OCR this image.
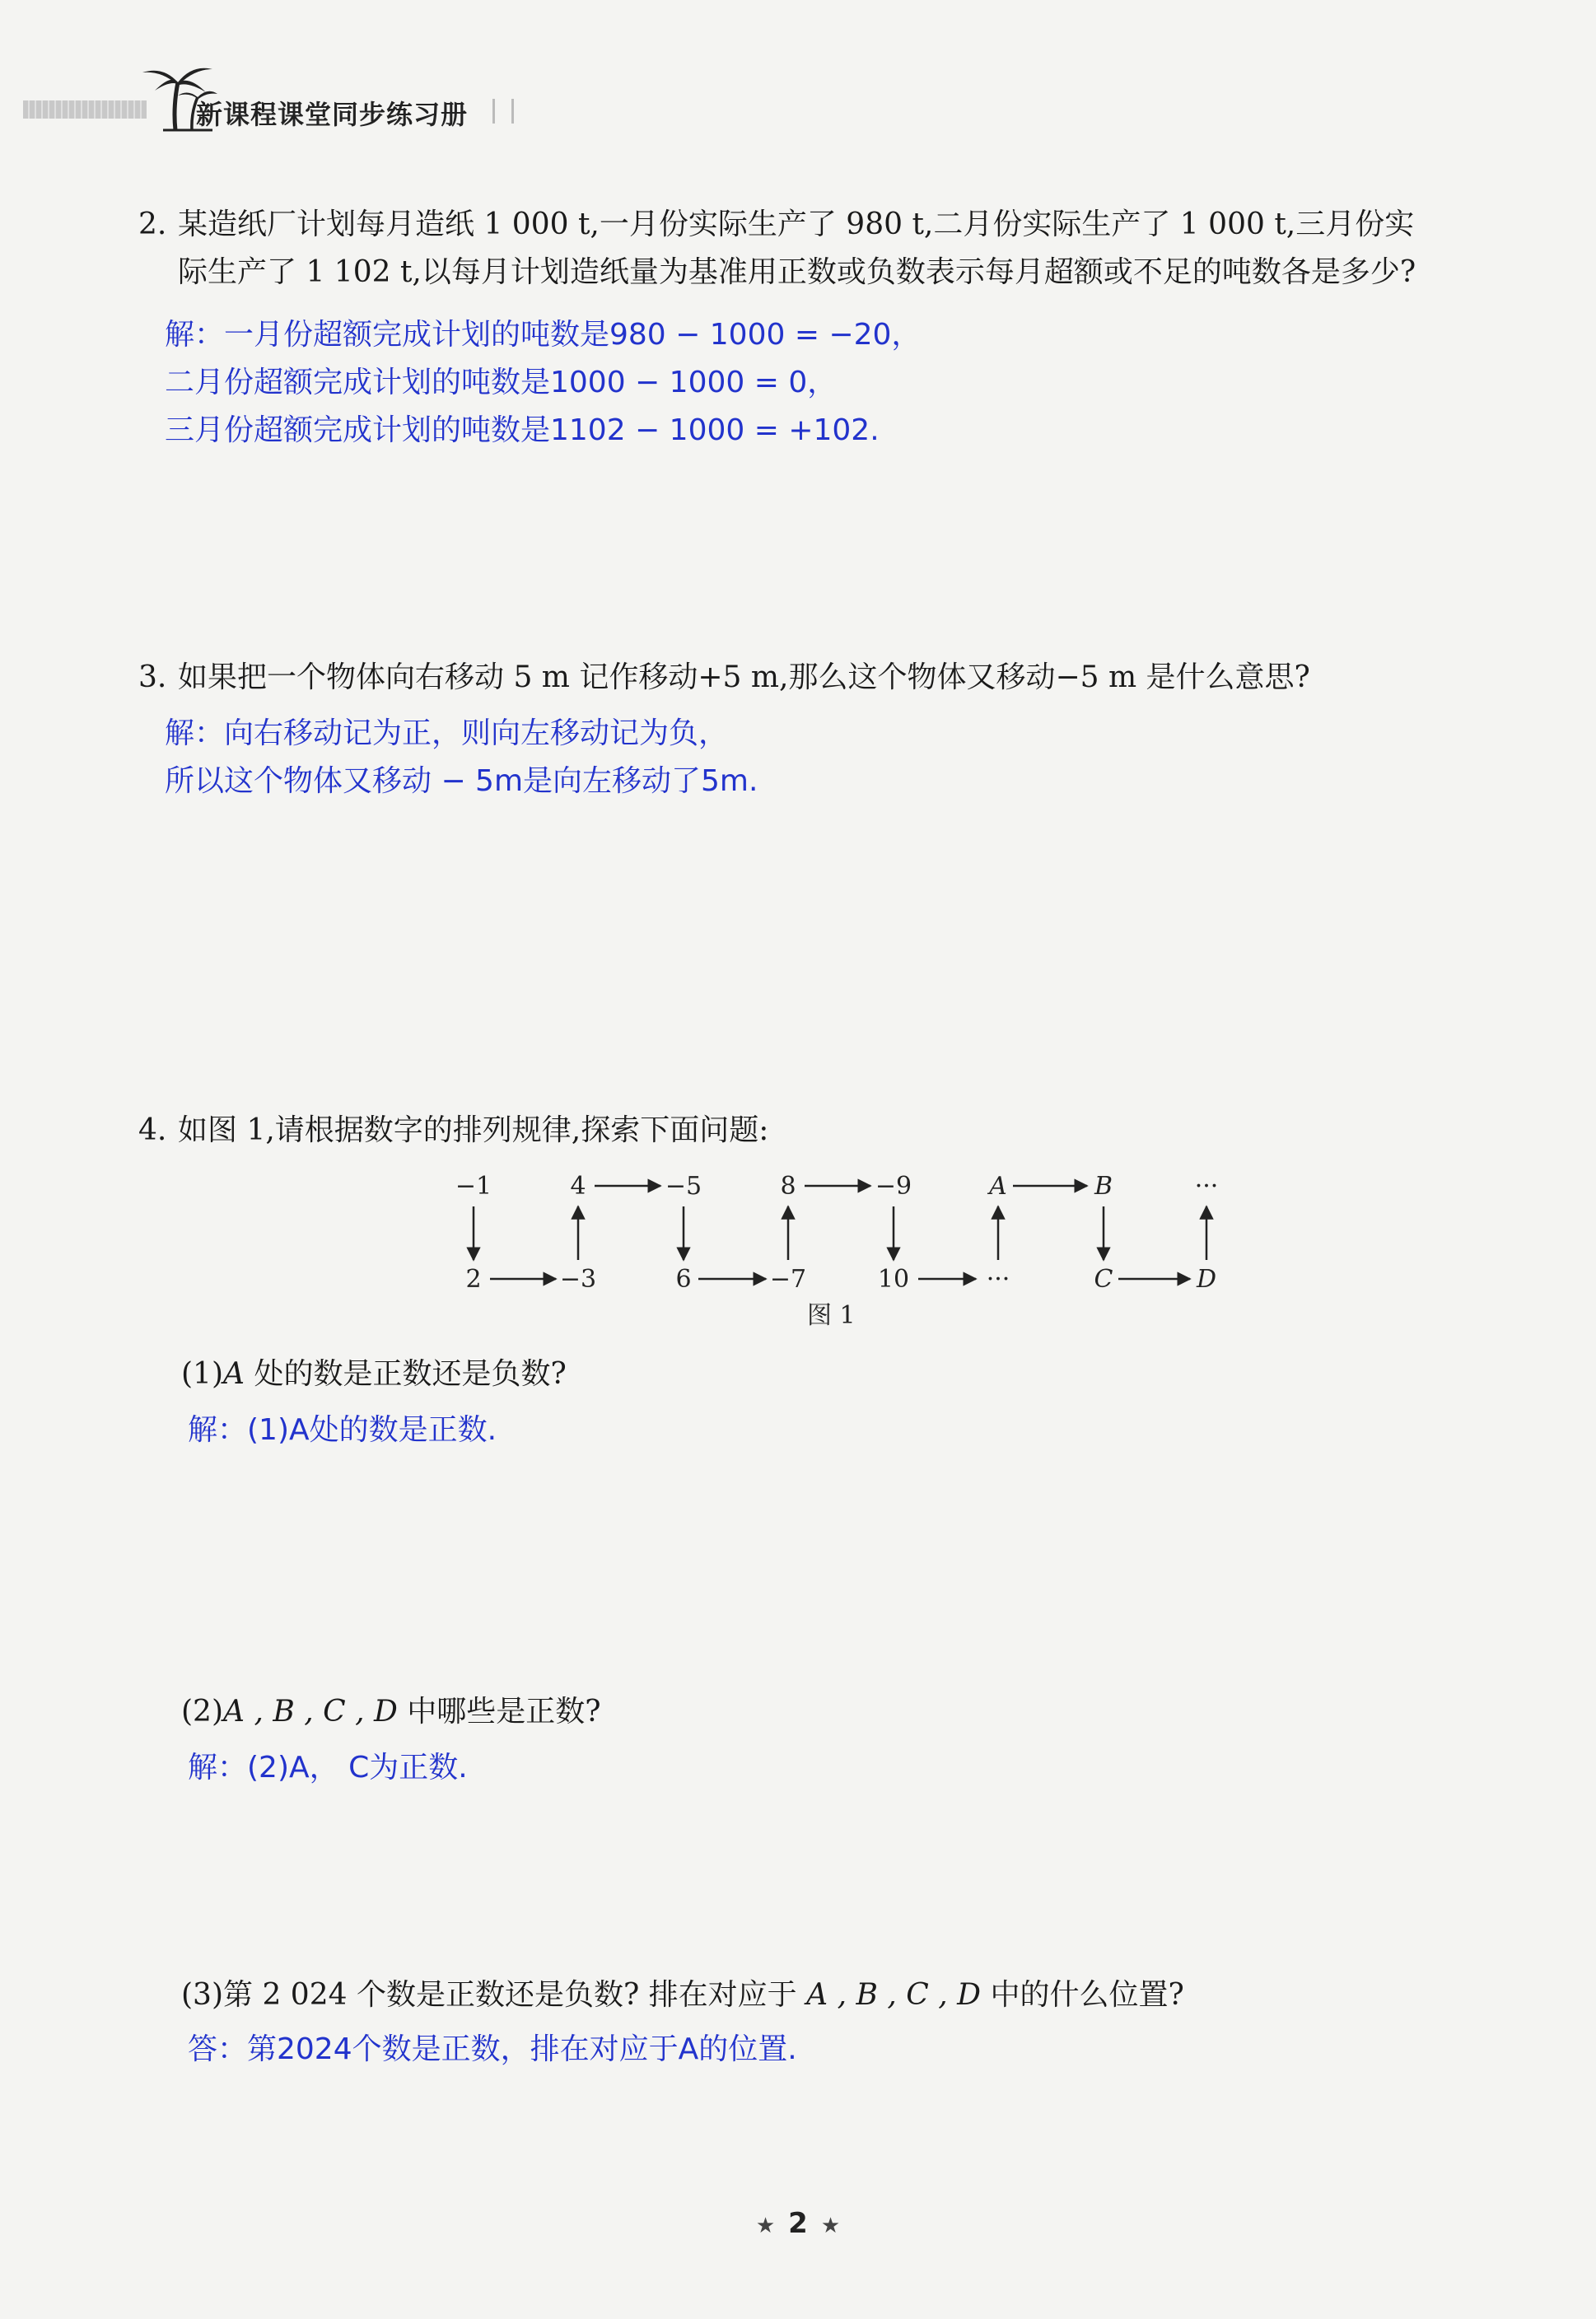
新课程课堂同步练习册
2. 某造纸厂计划每月造纸 1 000 t,一月份实际生产了 980 t,二月份实际生产了 1 000 t,三月份实
际生产了 1 102 t,以每月计划造纸量为基准用正数或负数表示每月超额或不足的吨数各是多少?
解：一月份超额完成计划的吨数是980 − 1000 = −20，
二月份超额完成计划的吨数是1000 − 1000 = 0，
三月份超额完成计划的吨数是1102 − 1000 = +102.
3. 如果把一个物体向右移动 5 m 记作移动+5 m,那么这个物体又移动−5 m 是什么意思?
解：向右移动记为正，则向左移动记为负，
所以这个物体又移动 − 5m是向左移动了5m.
4. 如图 1,请根据数字的排列规律,探索下面问题:
−1	4	−5	8	−9	A	B	···
2	−3	6	−7	10	···	C	D
图 1
(1)A 处的数是正数还是负数?
解：(1)A处的数是正数.
(2)A , B , C , D 中哪些是正数?
解：(2)A， C为正数.
(3)第 2 024 个数是正数还是负数? 排在对应于 A , B , C , D 中的什么位置?
答：第2024个数是正数，排在对应于A的位置.
★ 2 ★
